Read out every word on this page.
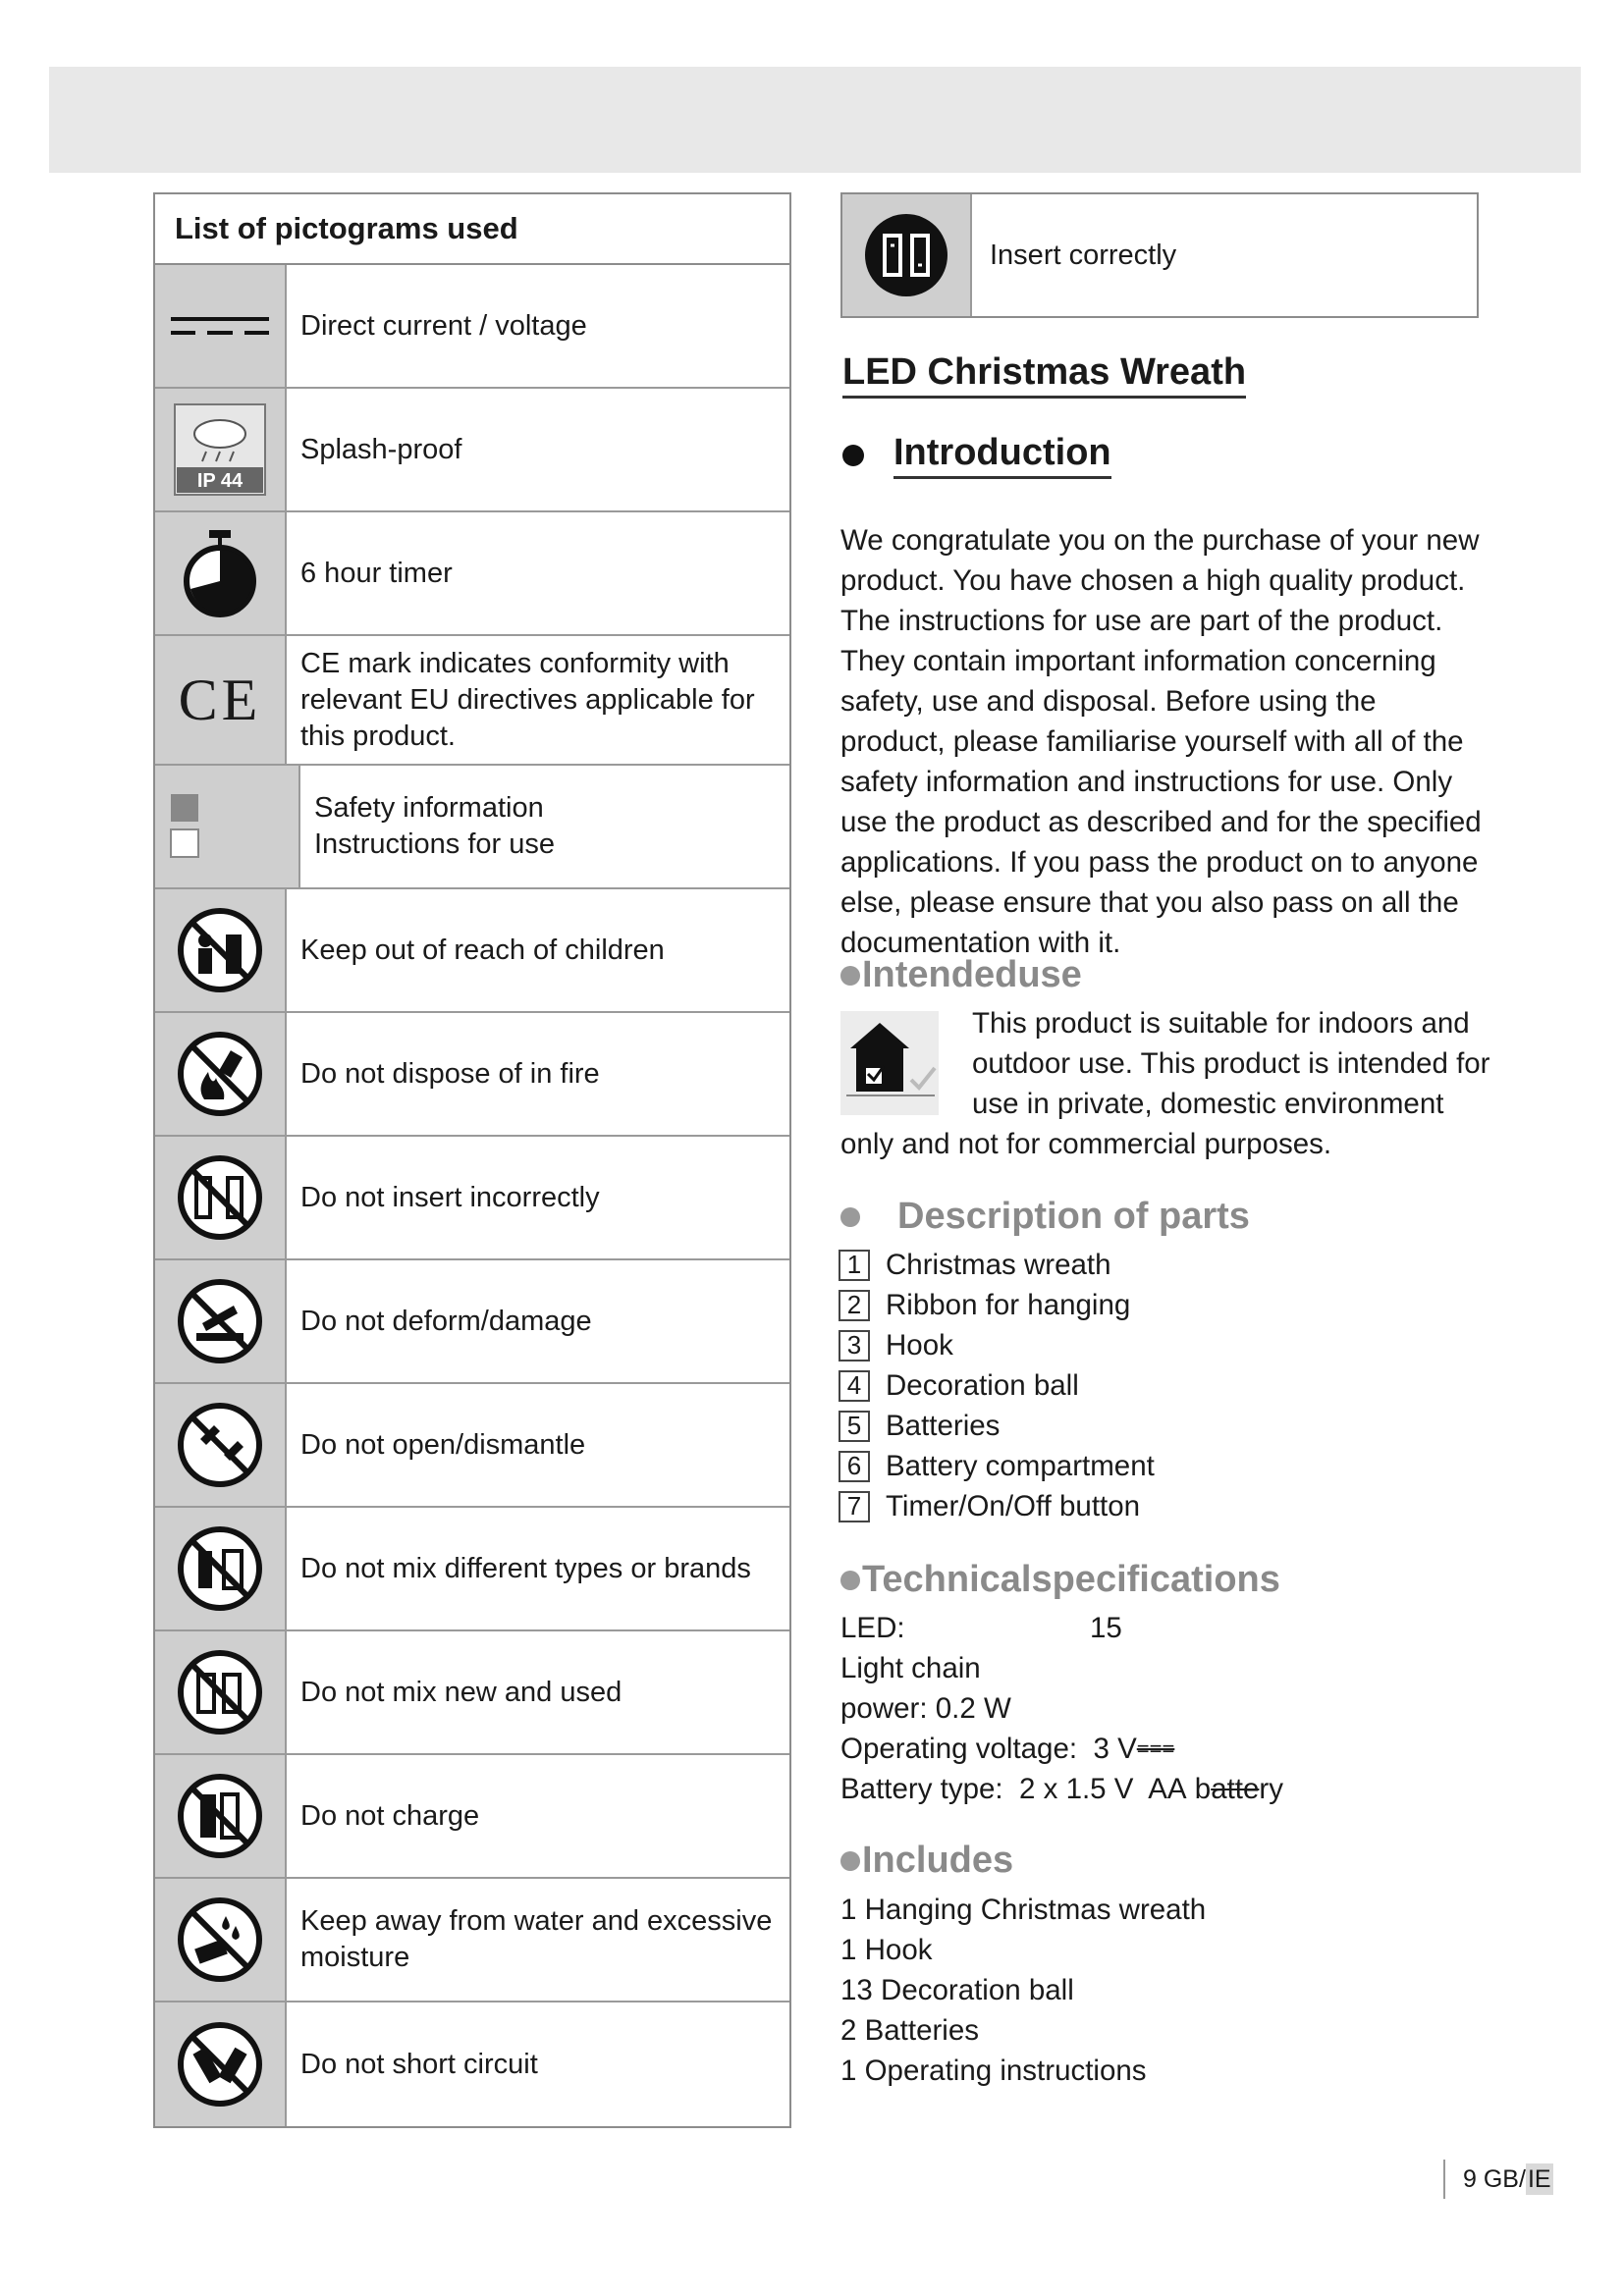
List of pictograms used
Direct current / voltage
IP 44
Splash-proof
6 hour timer
CE
CE mark indicates conformity with
relevant EU directives applicable for
this product.
Safety information
Instructions for use
Keep out of reach of children
Do not dispose of in fire
Do not insert incorrectly
Do not deform/damage
Do not open/dismantle
Do not mix different types or brands
Do not mix new and used
Do not charge
Keep away from water and excessive
moisture
Do not short circuit
Insert correctly
LED Christmas Wreath
Introduction
We congratulate you on the purchase of your new product. You have chosen a high quality product. The instructions for use are part of the product. They contain important information concerning safety, use and disposal. Before using the product, please familiarise yourself with all of the safety information and instructions for use. Only use the product as described and for the specified applications. If you pass the product on to anyone else, please ensure that you also pass on all the documentation with it.
Intendeduse
This product is suitable for indoors and outdoor use. This product is intended for use in private, domestic environment
only and not for commercial purposes.
Description of parts
1 Christmas wreath
2 Ribbon for hanging
3 Hook
4 Decoration ball
5 Batteries
6 Battery compartment
7 Timer/On/Off button
Technicalspecifications
LED:	15
Light chain
power: 0.2 W
Operating voltage:
3 V ===
Battery type:
2 x 1.5 V  AA
b atte ry
Includes
1 Hanging Christmas wreath
1 Hook
13 Decoration ball
2 Batteries
1 Operating instructions
9 GB/IE
